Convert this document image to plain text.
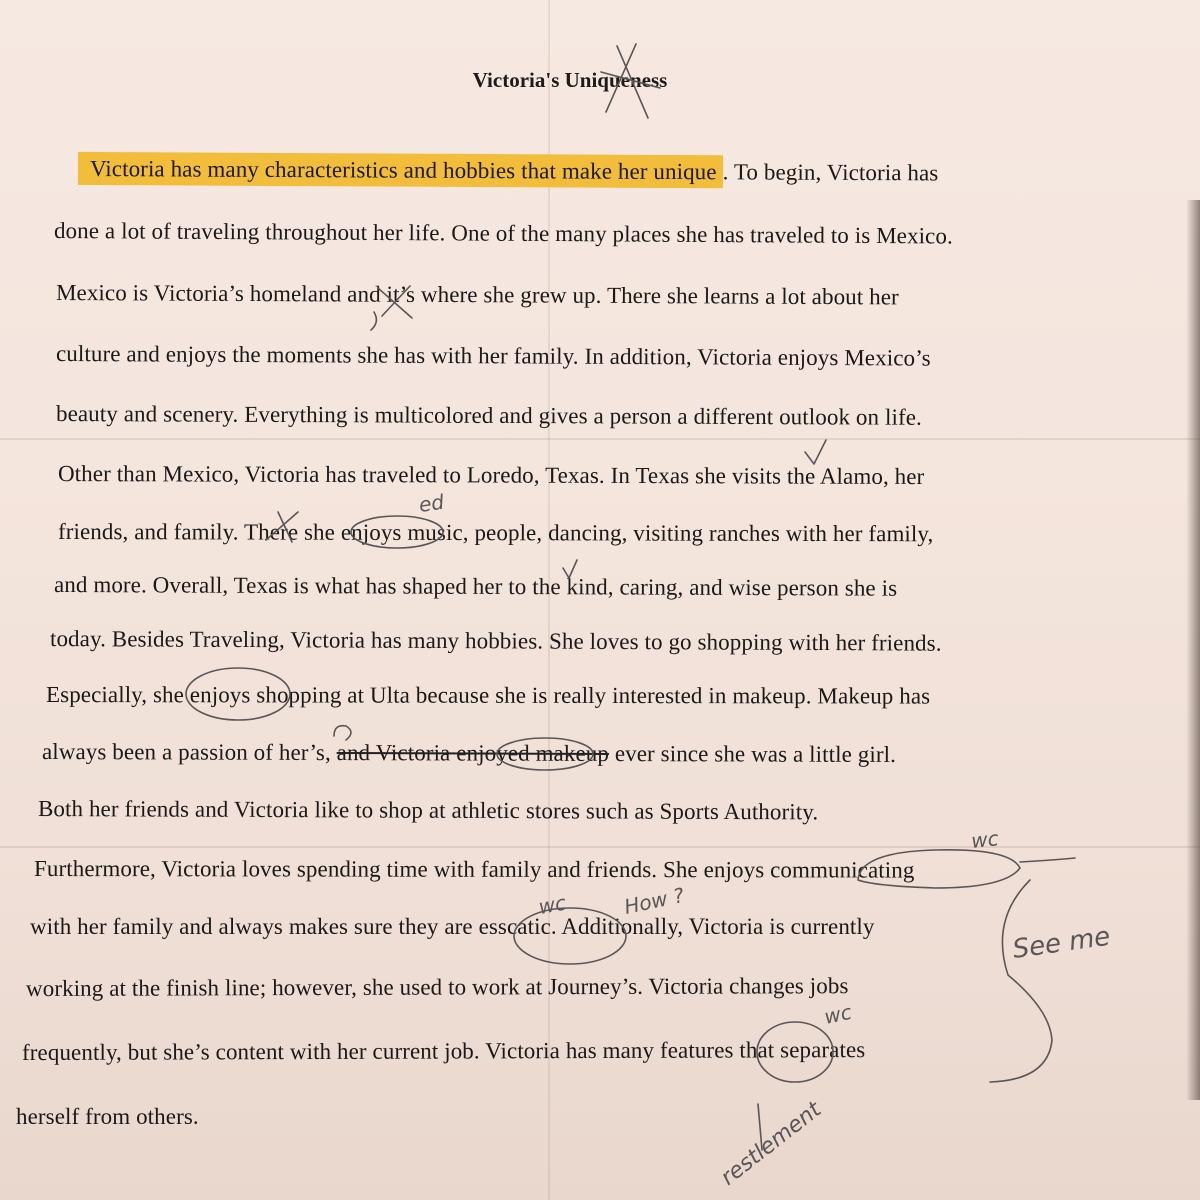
Victoria's Uniqueness
Victoria has many characteristics and hobbies that make her unique . To begin, Victoria has
done a lot of traveling throughout her life. One of the many places she has traveled to is Mexico.
Mexico is Victoria’s homeland and it’s where she grew up. There she learns a lot about her
culture and enjoys the moments she has with her family. In addition, Victoria enjoys Mexico’s
beauty and scenery. Everything is multicolored and gives a person a different outlook on life.
Other than Mexico, Victoria has traveled to Loredo, Texas. In Texas she visits the Alamo, her
friends, and family. There she enjoys music, people, dancing, visiting ranches with her family,
and more. Overall, Texas is what has shaped her to the kind, caring, and wise person she is
today. Besides Traveling, Victoria has many hobbies. She loves to go shopping with her friends.
Especially, she enjoys shopping at Ulta because she is really interested in makeup. Makeup has
always been a passion of her’s, and Victoria enjoyed makeup ever since she was a little girl.
Both her friends and Victoria like to shop at athletic stores such as Sports Authority.
Furthermore, Victoria loves spending time with family and friends. She enjoys communicating
with her family and always makes sure they are esscatic. Additionally, Victoria is currently
working at the finish line; however, she used to work at Journey’s. Victoria changes jobs
frequently, but she’s content with her current job. Victoria has many features that separates
herself from others.
ed
wc
wc	How ?
See me
wc
restlement
